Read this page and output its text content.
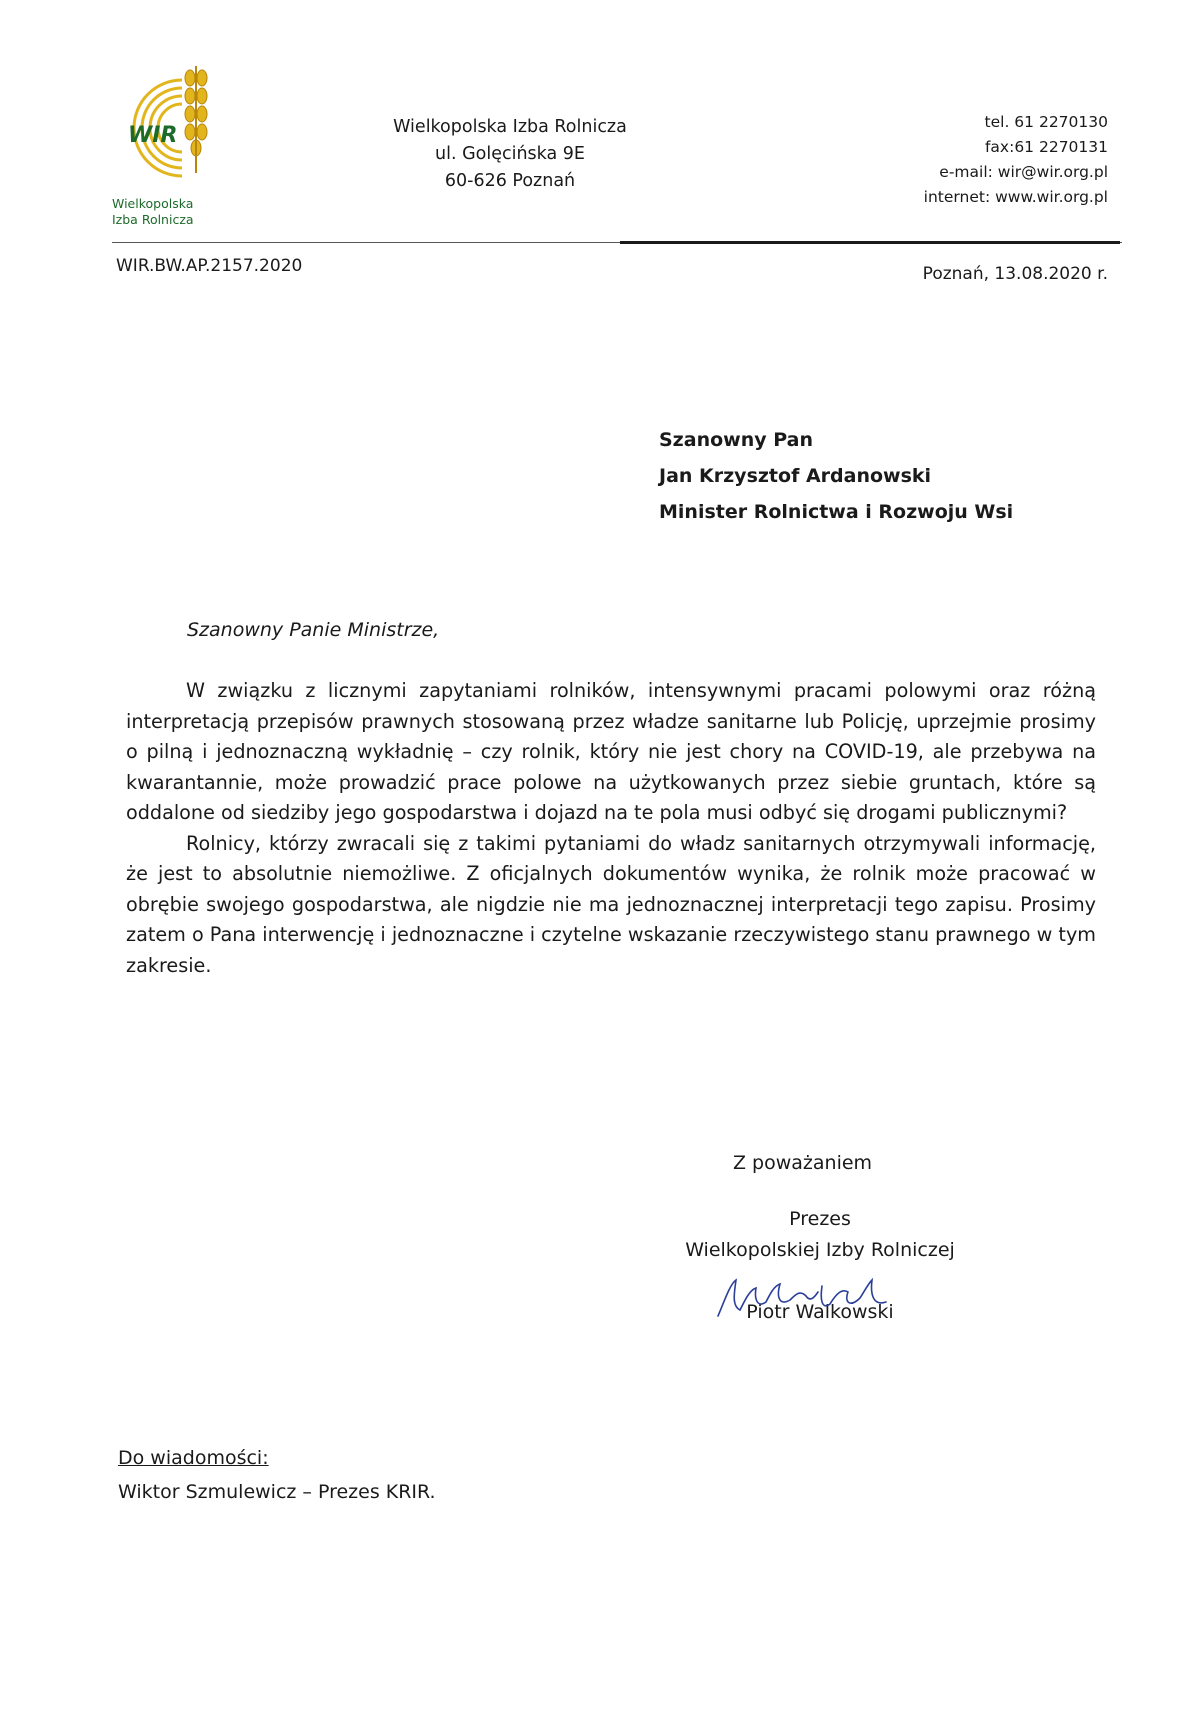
WIR
Wielkopolska
Izba Rolnicza
Wielkopolska Izba Rolnicza
ul. Golęcińska 9E
60-626 Poznań
tel. 61 2270130
fax:61 2270131
e-mail: wir@wir.org.pl
internet: www.wir.org.pl
WIR.BW.AP.2157.2020	Poznań, 13.08.2020 r.
Szanowny Pan
Jan Krzysztof Ardanowski
Minister Rolnictwa i Rozwoju Wsi
Szanowny Panie Ministrze,

W związku z licznymi zapytaniami rolników, intensywnymi pracami polowymi oraz różną interpretacją przepisów prawnych stosowaną przez władze sanitarne lub Policję, uprzejmie prosimy o pilną i jednoznaczną wykładnię – czy rolnik, który nie jest chory na COVID-19, ale przebywa na kwarantannie, może prowadzić prace polowe na użytkowanych przez siebie gruntach, które są oddalone od siedziby jego gospodarstwa i dojazd na te pola musi odbyć się drogami publicznymi?

Rolnicy, którzy zwracali się z takimi pytaniami do władz sanitarnych otrzymywali informację, że jest to absolutnie niemożliwe. Z oficjalnych dokumentów wynika, że rolnik może pracować w obrębie swojego gospodarstwa, ale nigdzie nie ma jednoznacznej interpretacji tego zapisu. Prosimy zatem o Pana interwencję i jednoznaczne i czytelne wskazanie rzeczywistego stanu prawnego w tym zakresie.

Z poważaniem
Prezes
Wielkopolskiej Izby Rolniczej
Piotr Walkowski
Do wiadomości:
Wiktor Szmulewicz – Prezes KRIR.
